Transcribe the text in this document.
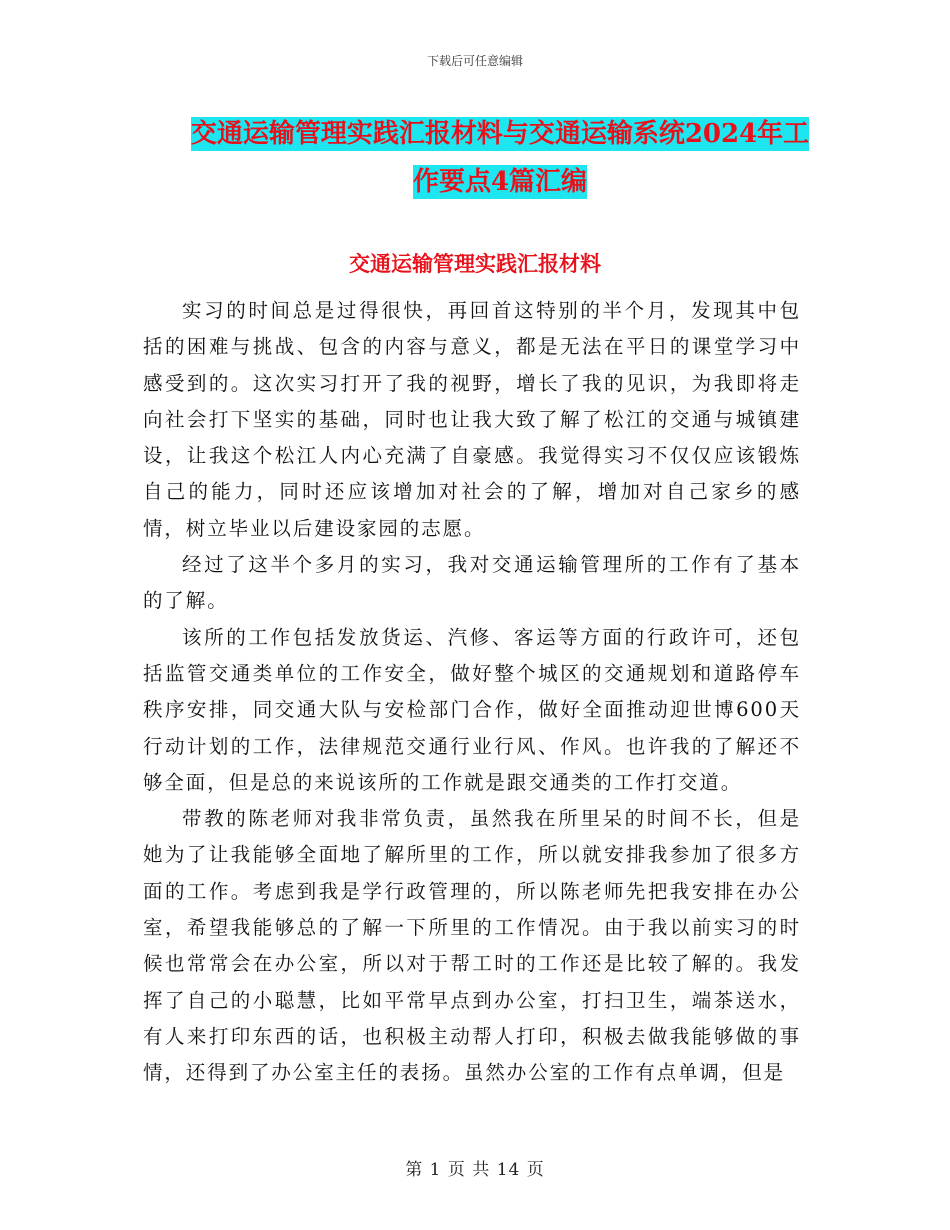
下载后可任意编辑
交通运输管理实践汇报材料与交通运输系统2024年工
作要点4篇汇编
交通运输管理实践汇报材料

实习的时间总是过得很快，再回首这特别的半个月，发现其中包括的困难与挑战、包含的内容与意义，都是无法在平日的课堂学习中感受到的。这次实习打开了我的视野，增长了我的见识，为我即将走向社会打下坚实的基础，同时也让我大致了解了松江的交通与城镇建设，让我这个松江人内心充满了自豪感。我觉得实习不仅仅应该锻炼自己的能力，同时还应该增加对社会的了解，增加对自己家乡的感情，树立毕业以后建设家园的志愿。

经过了这半个多月的实习，我对交通运输管理所的工作有了基本的了解。

该所的工作包括发放货运、汽修、客运等方面的行政许可，还包括监管交通类单位的工作安全，做好整个城区的交通规划和道路停车秩序安排，同交通大队与安检部门合作，做好全面推动迎世博600天行动计划的工作，法律规范交通行业行风、作风。也许我的了解还不够全面，但是总的来说该所的工作就是跟交通类的工作打交道。

带教的陈老师对我非常负责，虽然我在所里呆的时间不长，但是她为了让我能够全面地了解所里的工作，所以就安排我参加了很多方面的工作。考虑到我是学行政管理的，所以陈老师先把我安排在办公室，希望我能够总的了解一下所里的工作情况。由于我以前实习的时候也常常会在办公室，所以对于帮工时的工作还是比较了解的。我发挥了自己的小聪慧，比如平常早点到办公室，打扫卫生，端茶送水，有人来打印东西的话，也积极主动帮人打印，积极去做我能够做的事情，还得到了办公室主任的表扬。虽然办公室的工作有点单调，但是

第 1 页 共 14 页
